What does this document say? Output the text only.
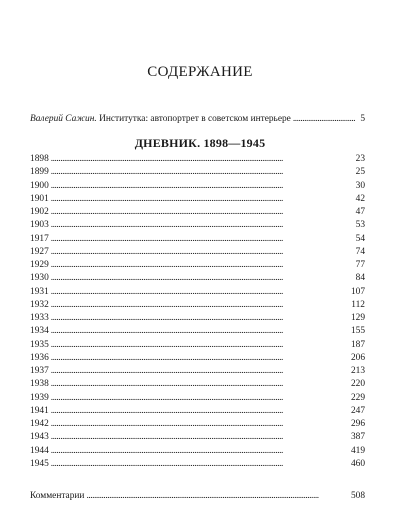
СОДЕРЖАНИЕ
Валерий Сажин. Институтка: автопортрет в советском интерьере . . .	5
ДНЕВНИК. 1898—1945
1898 . . .	23
1899 . . .	25
1900 . . .	30
1901 . . .	42
1902 . . .	47
1903 . . .	53
1917 . . .	54
1927 . . .	74
1929 . . .	77
1930 . . .	84
1931 . . .	107
1932 . . .	112
1933 . . .	129
1934 . . .	155
1935 . . .	187
1936 . . .	206
1937 . . .	213
1938 . . .	220
1939 . . .	229
1941 . . .	247
1942 . . .	296
1943 . . .	387
1944 . . .	419
1945 . . .	460
Комментарии . . .	508
